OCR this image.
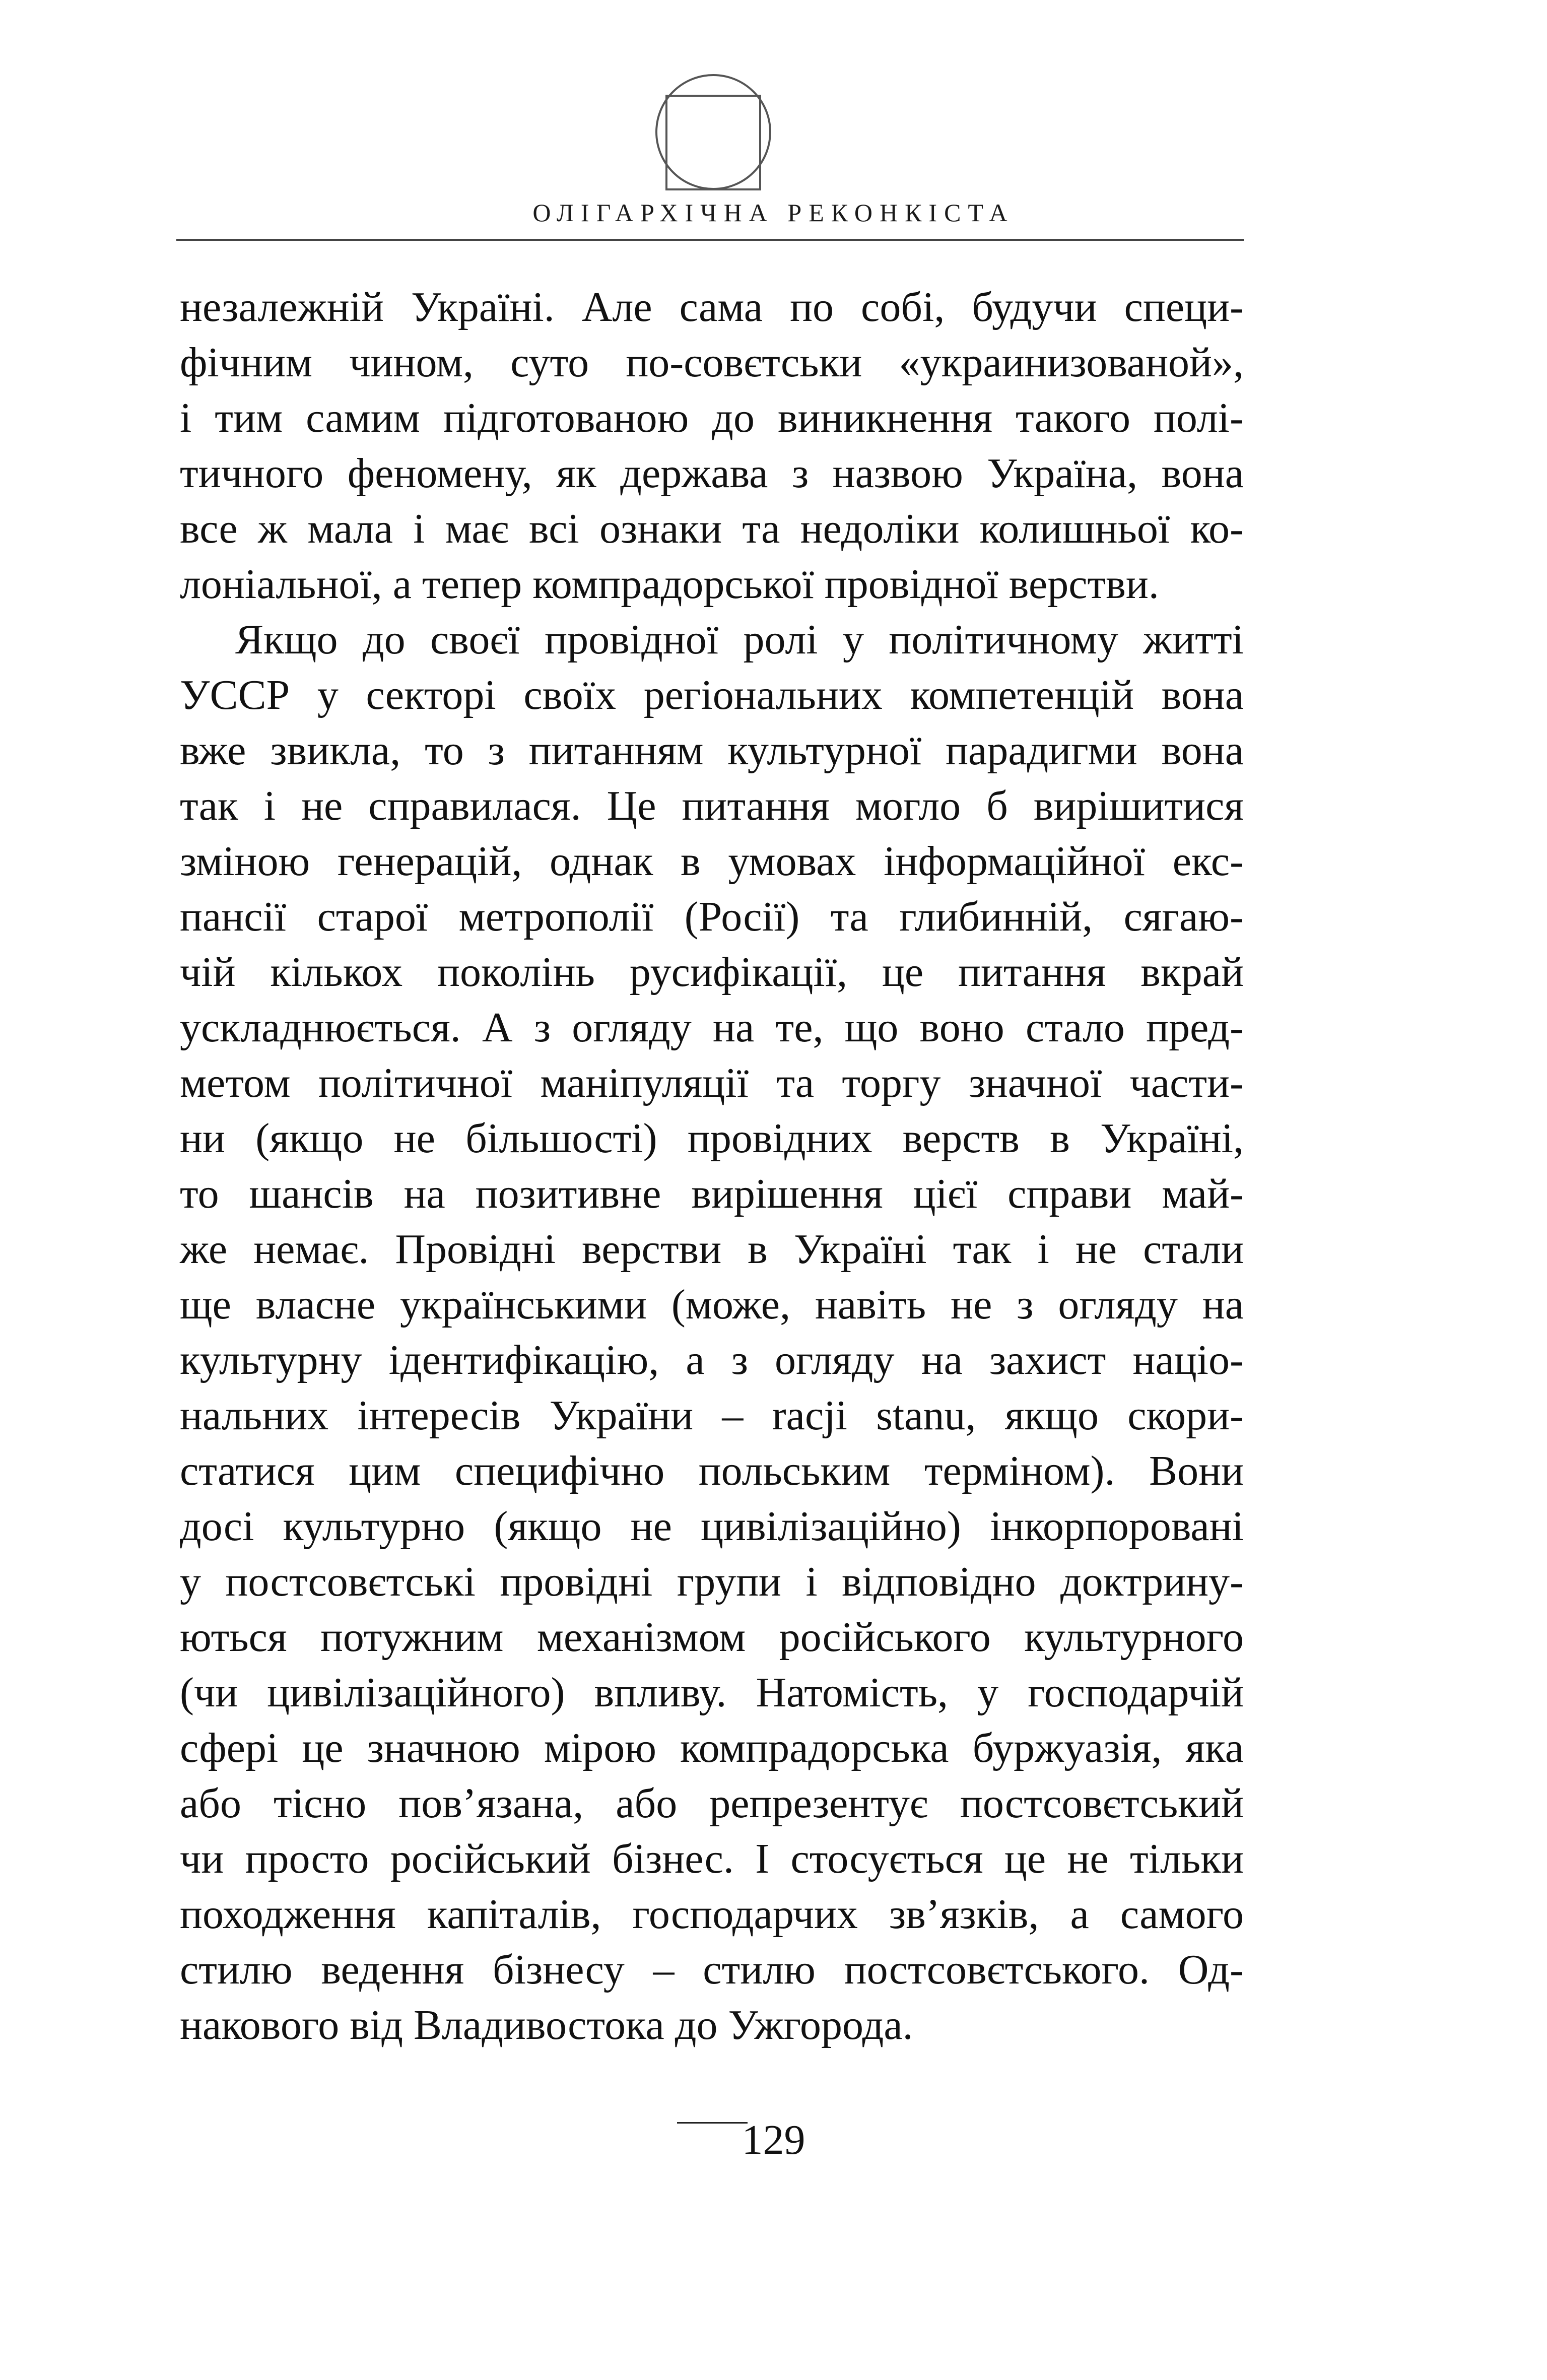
ОЛІГАРХІЧНА РЕКОНКІСТА
незалежній Україні. Але сама по собі, будучи специ-
фічним чином, суто по-совєтськи «украинизованой»,
і тим самим підготованою до виникнення такого полі-
тичного феномену, як держава з назвою Україна, вона
все ж мала і має всі ознаки та недоліки колишньої ко-
лоніальної, а тепер компрадорської провідної верстви.
Якщо до своєї провідної ролі у політичному житті
УССР у секторі своїх регіональних компетенцій вона
вже звикла, то з питанням культурної парадигми вона
так і не справилася. Це питання могло б вирішитися
зміною генерацій, однак в умовах інформаційної екс-
пансії старої метрополії (Росії) та глибинній, сягаю-
чій кількох поколінь русифікації, це питання вкрай
ускладнюється. А з огляду на те, що воно стало пред-
метом політичної маніпуляції та торгу значної части-
ни (якщо не більшості) провідних верств в Україні,
то шансів на позитивне вирішення цієї справи май-
же немає. Провідні верстви в Україні так і не стали
ще власне українськими (може, навіть не з огляду на
культурну ідентифікацію, а з огляду на захист націо-
нальних інтересів України – racji stanu, якщо скори-
статися цим специфічно польським терміном). Вони
досі культурно (якщо не цивілізаційно) інкорпоровані
у постсовєтські провідні групи і відповідно доктрину-
ються потужним механізмом російського культурного
(чи цивілізаційного) впливу. Натомість, у господарчій
сфері це значною мірою компрадорська буржуазія, яка
або тісно пов’язана, або репрезентує постсовєтський
чи просто російський бізнес. І стосується це не тільки
походження капіталів, господарчих зв’язків, а самого
стилю ведення бізнесу – стилю постсовєтського. Од-
накового від Владивостока до Ужгорода.
129
